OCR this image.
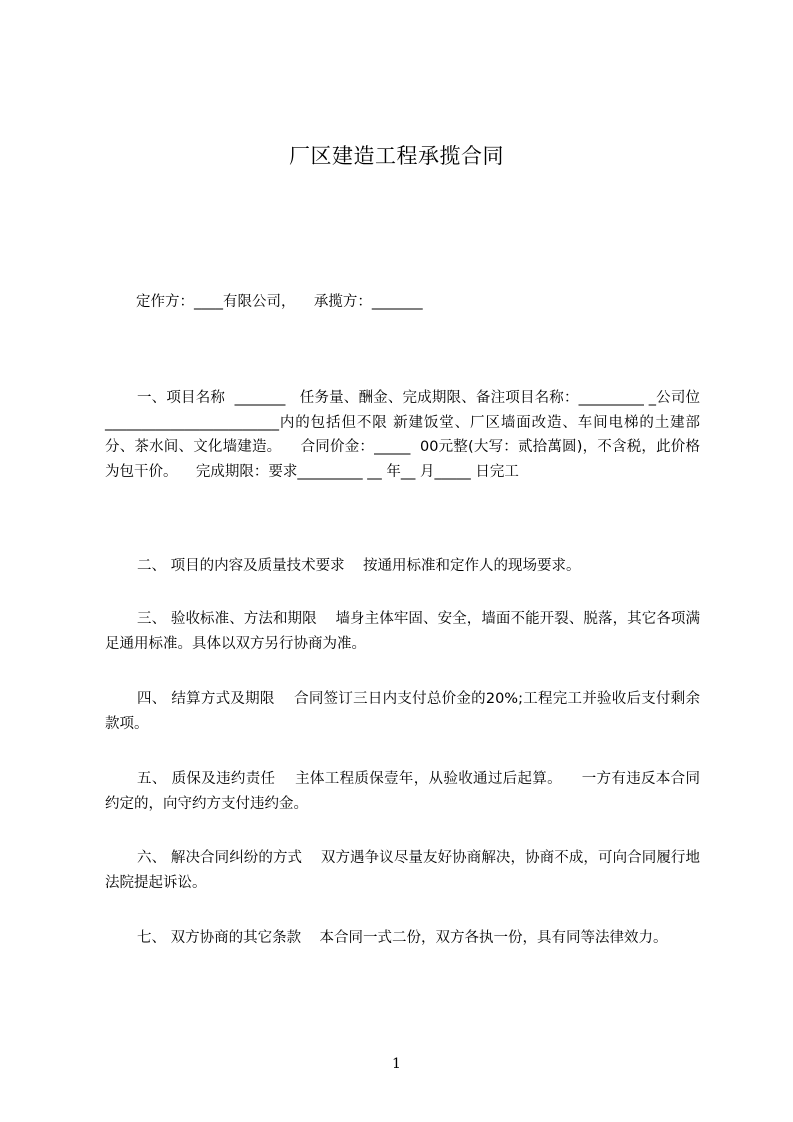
厂区建造工程承揽合同
定作方：____有限公司，    承揽方：_______

一、项目名称  _______   任务量、酬金、完成期限、备注项目名称：_________ _公司位  ________________________内的包括但不限 新建饭堂、厂区墙面改造、车间电梯的土建部分、茶水间、文化墙建造。    合同价金：_____  00元整(大写：贰拾萬圆)，不含税，此价格为包干价。    完成期限：要求_________ __ 年__ 月_____ 日完工

二、 项目的内容及质量技术要求    按通用标准和定作人的现场要求。

三、 验收标准、方法和期限    墙身主体牢固、安全，墙面不能开裂、脱落，其它各项满足通用标准。具体以双方另行协商为准。

四、 结算方式及期限    合同签订三日内支付总价金的20%;工程完工并验收后支付剩余款项。

五、 质保及违约责任    主体工程质保壹年，从验收通过后起算。    一方有违反本合同约定的，向守约方支付违约金。

六、 解决合同纠纷的方式    双方遇争议尽量友好协商解决，协商不成，可向合同履行地法院提起诉讼。

七、 双方协商的其它条款    本合同一式二份，双方各执一份，具有同等法律效力。

1
